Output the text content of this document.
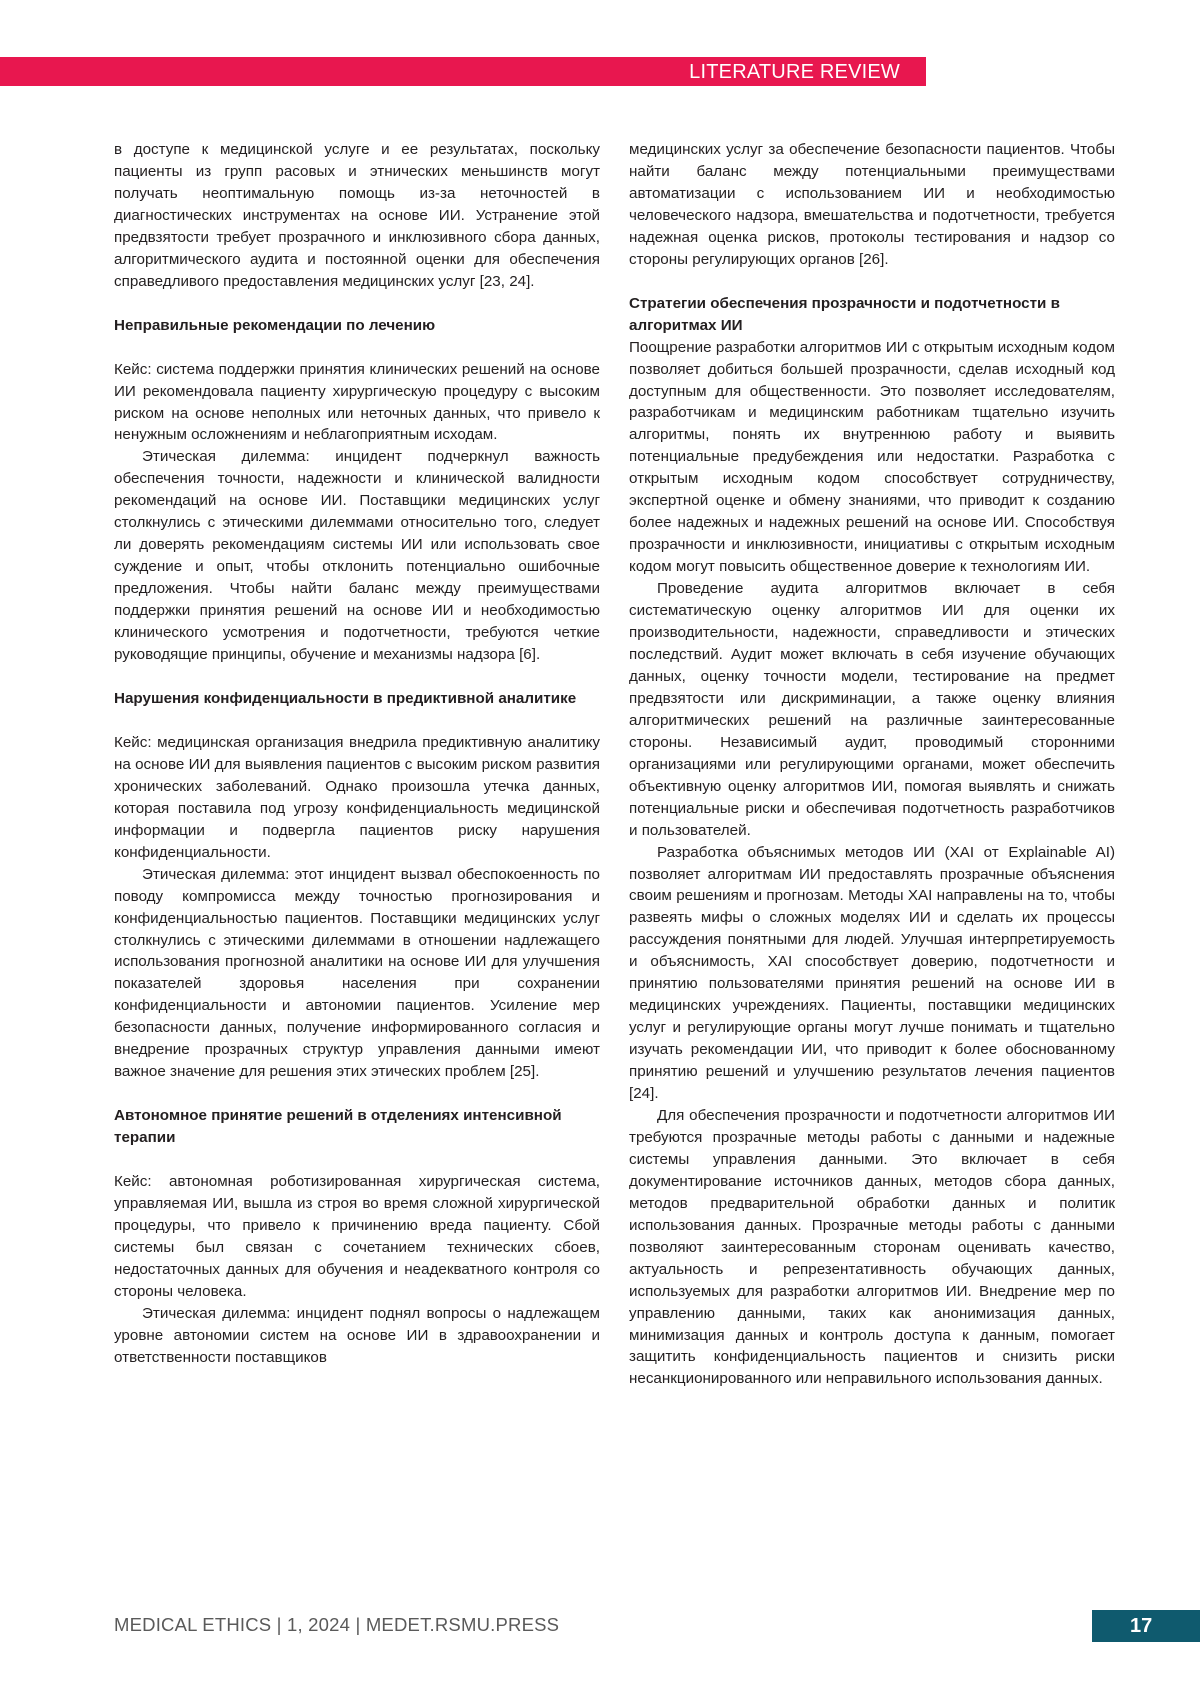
LITERATURE REVIEW

в доступе к медицинской услуге и ее результатах, поскольку пациенты из групп расовых и этнических меньшинств могут получать неоптимальную помощь из-за неточностей в диагностических инструментах на основе ИИ. Устранение этой предвзятости требует прозрачного и инклюзивного сбора данных, алгоритмического аудита и постоянной оценки для обеспечения справедливого предоставления медицинских услуг [23, 24].

Неправильные рекомендации по лечению

Кейс: система поддержки принятия клинических решений на основе ИИ рекомендовала пациенту хирургическую процедуру с высоким риском на основе неполных или неточных данных, что привело к ненужным осложнениям и неблагоприятным исходам.

Этическая дилемма: инцидент подчеркнул важность обеспечения точности, надежности и клинической валидности рекомендаций на основе ИИ. Поставщики медицинских услуг столкнулись с этическими дилеммами относительно того, следует ли доверять рекомендациям системы ИИ или использовать свое суждение и опыт, чтобы отклонить потенциально ошибочные предложения. Чтобы найти баланс между преимуществами поддержки принятия решений на основе ИИ и необходимостью клинического усмотрения и подотчетности, требуются четкие руководящие принципы, обучение и механизмы надзора [6].

Нарушения конфиденциальности в предиктивной аналитике

Кейс: медицинская организация внедрила предиктивную аналитику на основе ИИ для выявления пациентов с высоким риском развития хронических заболеваний. Однако произошла утечка данных, которая поставила под угрозу конфиденциальность медицинской информации и подвергла пациентов риску нарушения конфиденциальности.

Этическая дилемма: этот инцидент вызвал обеспокоенность по поводу компромисса между точностью прогнозирования и конфиденциальностью пациентов. Поставщики медицинских услуг столкнулись с этическими дилеммами в отношении надлежащего использования прогнозной аналитики на основе ИИ для улучшения показателей здоровья населения при сохранении конфиденциальности и автономии пациентов. Усиление мер безопасности данных, получение информированного согласия и внедрение прозрачных структур управления данными имеют важное значение для решения этих этических проблем [25].

Автономное принятие решений в отделениях интенсивной терапии

Кейс: автономная роботизированная хирургическая система, управляемая ИИ, вышла из строя во время сложной хирургической процедуры, что привело к причинению вреда пациенту. Сбой системы был связан с сочетанием технических сбоев, недостаточных данных для обучения и неадекватного контроля со стороны человека.

Этическая дилемма: инцидент поднял вопросы о надлежащем уровне автономии систем на основе ИИ в здравоохранении и ответственности поставщиков

медицинских услуг за обеспечение безопасности пациентов. Чтобы найти баланс между потенциальными преимуществами автоматизации с использованием ИИ и необходимостью человеческого надзора, вмешательства и подотчетности, требуется надежная оценка рисков, протоколы тестирования и надзор со стороны регулирующих органов [26].

Стратегии обеспечения прозрачности и подотчетности в алгоритмах ИИ

Поощрение разработки алгоритмов ИИ с открытым исходным кодом позволяет добиться большей прозрачности, сделав исходный код доступным для общественности. Это позволяет исследователям, разработчикам и медицинским работникам тщательно изучить алгоритмы, понять их внутреннюю работу и выявить потенциальные предубеждения или недостатки. Разработка с открытым исходным кодом способствует сотрудничеству, экспертной оценке и обмену знаниями, что приводит к созданию более надежных и надежных решений на основе ИИ. Способствуя прозрачности и инклюзивности, инициативы с открытым исходным кодом могут повысить общественное доверие к технологиям ИИ.

Проведение аудита алгоритмов включает в себя систематическую оценку алгоритмов ИИ для оценки их производительности, надежности, справедливости и этических последствий. Аудит может включать в себя изучение обучающих данных, оценку точности модели, тестирование на предмет предвзятости или дискриминации, а также оценку влияния алгоритмических решений на различные заинтересованные стороны. Независимый аудит, проводимый сторонними организациями или регулирующими органами, может обеспечить объективную оценку алгоритмов ИИ, помогая выявлять и снижать потенциальные риски и обеспечивая подотчетность разработчиков и пользователей.

Разработка объяснимых методов ИИ (XAI от Explainable AI) позволяет алгоритмам ИИ предоставлять прозрачные объяснения своим решениям и прогнозам. Методы XAI направлены на то, чтобы развеять мифы о сложных моделях ИИ и сделать их процессы рассуждения понятными для людей. Улучшая интерпретируемость и объяснимость, XAI способствует доверию, подотчетности и принятию пользователями принятия решений на основе ИИ в медицинских учреждениях. Пациенты, поставщики медицинских услуг и регулирующие органы могут лучше понимать и тщательно изучать рекомендации ИИ, что приводит к более обоснованному принятию решений и улучшению результатов лечения пациентов [24].

Для обеспечения прозрачности и подотчетности алгоритмов ИИ требуются прозрачные методы работы с данными и надежные системы управления данными. Это включает в себя документирование источников данных, методов сбора данных, методов предварительной обработки данных и политик использования данных. Прозрачные методы работы с данными позволяют заинтересованным сторонам оценивать качество, актуальность и репрезентативность обучающих данных, используемых для разработки алгоритмов ИИ. Внедрение мер по управлению данными, таких как анонимизация данных, минимизация данных и контроль доступа к данным, помогает защитить конфиденциальность пациентов и снизить риски несанкционированного или неправильного использования данных.

MEDICAL ETHICS | 1, 2024 | MEDET.RSMU.PRESS	17
